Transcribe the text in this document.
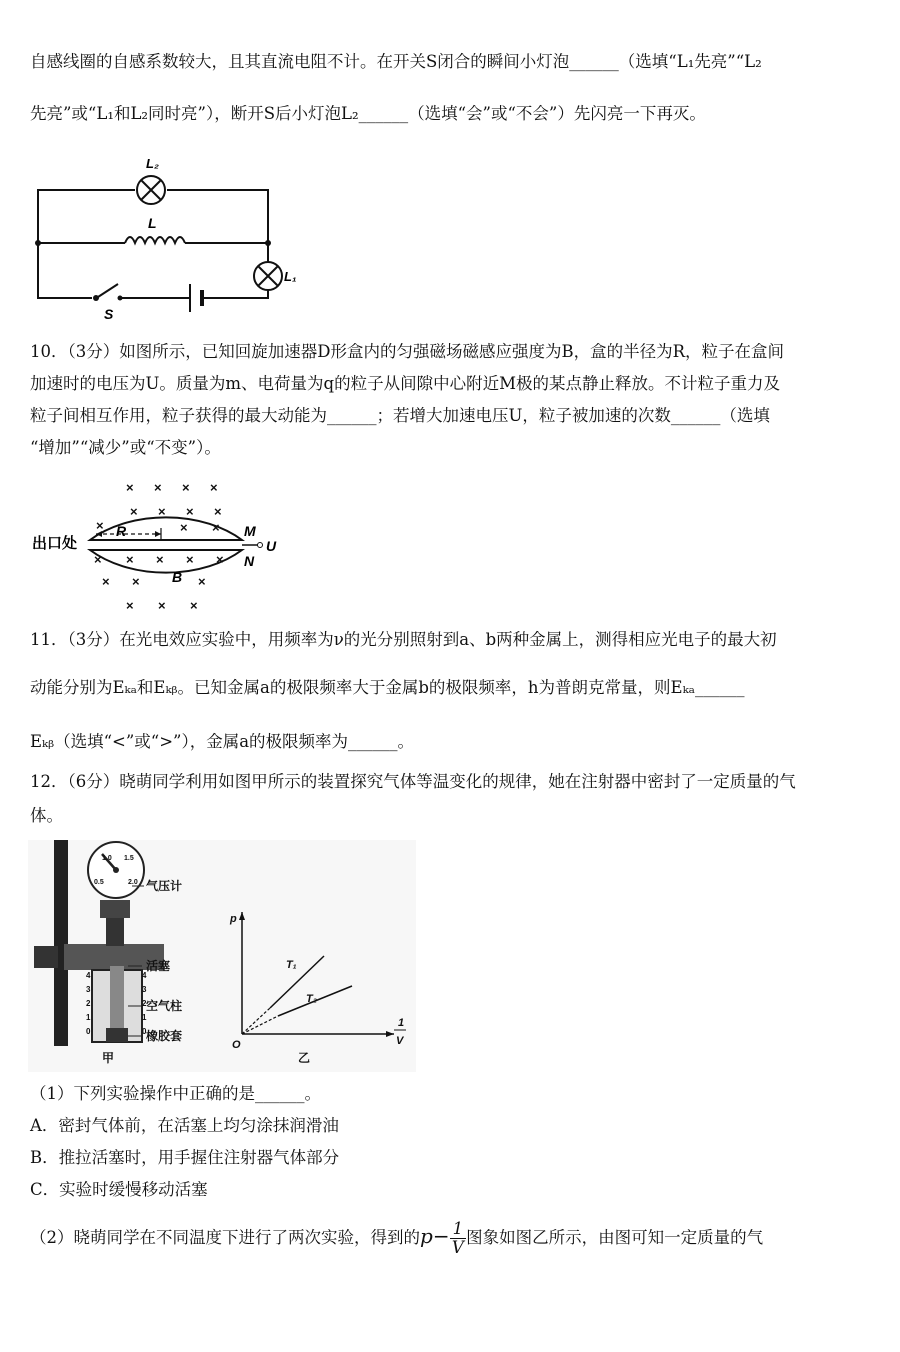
自感线圈的自感系数较大，且其直流电阻不计。在开关S闭合的瞬间小灯泡______（选填“L₁先亮”“L₂
先亮”或“L₁和L₂同时亮”），断开S后小灯泡L₂______（选填“会”或“不会”）先闪亮一下再灭。
L₂
L
L₁
S
10．（3分）如图所示，已知回旋加速器D形盒内的匀强磁场磁感应强度为B，盒的半径为R，粒子在盒间
加速时的电压为U。质量为m、电荷量为q的粒子从间隙中心附近M极的某点静止释放。不计粒子重力及
粒子间相互作用，粒子获得的最大动能为______；若增大加速电压U，粒子被加速的次数______（选填
“增加”“减少”或“不变”）。
R
出口处
M
N
U
B
× × × ×
× × × ×
×	× ×
× × × × ×
× ×	×
× × ×
11．（3分）在光电效应实验中，用频率为ν的光分别照射到a、b两种金属上，测得相应光电子的最大初
动能分别为Eₖₐ和Eₖᵦ。已知金属a的极限频率大于金属b的极限频率，h为普朗克常量，则Eₖₐ______
Eₖᵦ（选填“<”或“>”），金属a的极限频率为______。
12．（6分）晓萌同学利用如图甲所示的装置探究气体等温变化的规律，她在注射器中密封了一定质量的气
体。
4
3
2
1
0
4
3
2
1
0
0.5
1.0 1.5
2.0 气压计
活塞
空气柱
橡胶套
甲
p
O
T₁
T₂
1
V
乙
（1）下列实验操作中正确的是______。
A．密封气体前，在活塞上均匀涂抹润滑油
B．推拉活塞时，用手握住注射器气体部分
C．实验时缓慢移动活塞
（2）晓萌同学在不同温度下进行了两次实验，得到的$p- \frac{1}{V}$ 图象如图乙所示，由图可知一定质量的气
